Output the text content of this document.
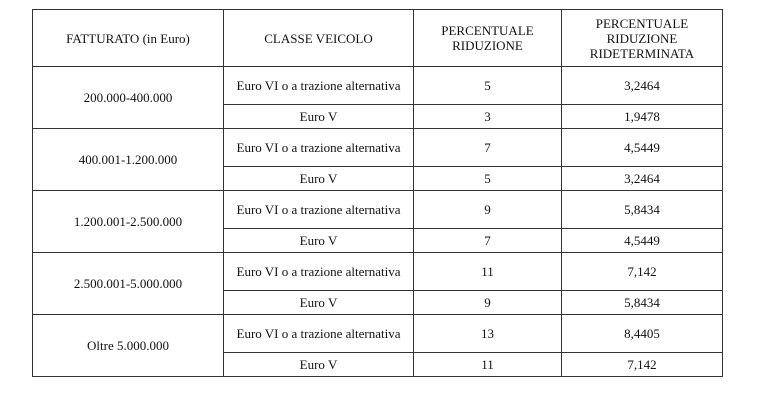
FATTURATO (in Euro)	CLASSE VEICOLO	PERCENTUALE RIDUZIONE	PERCENTUALE RIDUZIONE RIDETERMINATA
200.000-400.000	Euro VI o a trazione alternativa	5	3,2464
	Euro V	3	1,9478
400.001-1.200.000	Euro VI o a trazione alternativa	7	4,5449
	Euro V	5	3,2464
1.200.001-2.500.000	Euro VI o a trazione alternativa	9	5,8434
	Euro V	7	4,5449
2.500.001-5.000.000	Euro VI o a trazione alternativa	11	7,142
	Euro V	9	5,8434
Oltre 5.000.000	Euro VI o a trazione alternativa	13	8,4405
	Euro V	11	7,142
